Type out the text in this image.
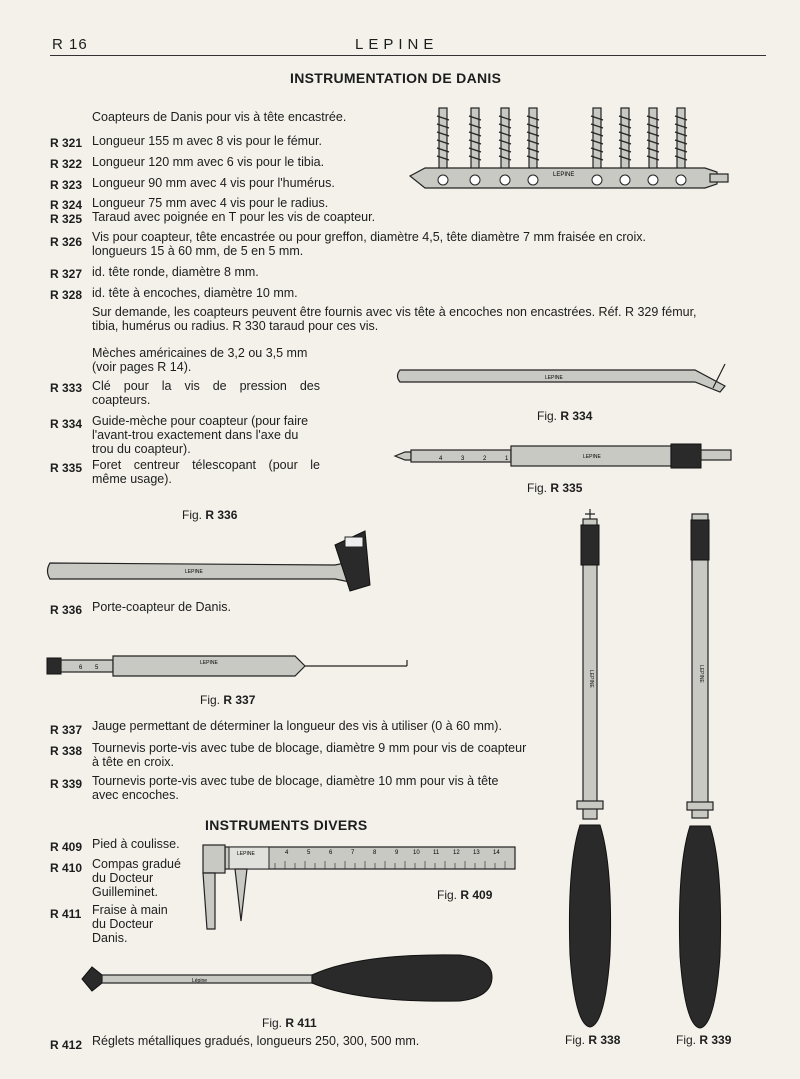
R 16	LEPINE
INSTRUMENTATION DE DANIS
LEPINE
Coapteurs de Danis pour vis à tête encastrée.
R 321 Longueur 155 m avec 8 vis pour le fémur.
R 322 Longueur 120 mm avec 6 vis pour le tibia.
R 323 Longueur 90 mm avec 4 vis pour l'humérus.
R 324 Longueur 75 mm avec 4 vis pour le radius.
R 325 Taraud avec poignée en T pour les vis de coapteur.
R 326 Vis pour coapteur, tête encastrée ou pour greffon, diamètre 4,5, tête diamètre 7 mm fraisée en croix.
longueurs 15 à 60 mm, de 5 en 5 mm.
R 327 id. tête ronde, diamètre 8 mm.
R 328 id. tête à encoches, diamètre 10 mm.
Sur demande, les coapteurs peuvent être fournis avec vis tête à encoches non encastrées. Réf. R 329 fémur,
tibia, humérus ou radius. R 330 taraud pour ces vis.
Mèches américaines de 3,2 ou 3,5 mm
(voir pages R 14).
R 333 Clé pour la vis de pression des
coapteurs.
R 334 Guide-mèche pour coapteur (pour faire
l'avant-trou exactement dans l'axe du
trou du coapteur).
R 335 Foret centreur télescopant (pour le
même usage).
LEPINE
Fig. R 334
4	3	2	1	LEPINE
Fig. R 335
Fig. R 336
LEPINE
R 336 Porte-coapteur de Danis.
6 5
LEPINE
Fig. R 337
R 337 Jauge permettant de déterminer la longueur des vis à utiliser (0 à 60 mm).
R 338 Tournevis porte-vis avec tube de blocage, diamètre 9 mm pour vis de coapteur
à tête en croix.
R 339 Tournevis porte-vis avec tube de blocage, diamètre 10 mm pour vis à tête
avec encoches.
LEPINE	LEPINE
INSTRUMENTS DIVERS
R 409 Pied à coulisse.
R 410 Compas gradué
du Docteur
Guilleminet.
R 411 Fraise à main
du Docteur
Danis.
LEPINE	4	5	6	7	8	9 10 11 12 13 14
Fig. R 409
Lépine
Fig. R 411
R 412 Réglets métalliques gradués, longueurs 250, 300, 500 mm.	Fig. R 338	Fig. R 339
